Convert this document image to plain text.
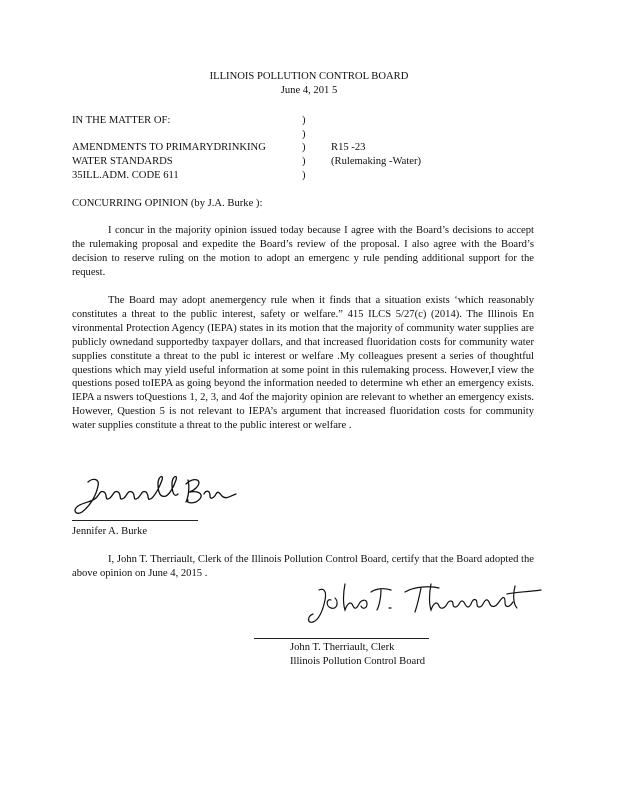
ILLINOIS POLLUTION CONTROL BOARD
June 4, 201 5
IN THE MATTER OF:
AMENDMENTS TO PRIMARYDRINKING
WATER STANDARDS
35ILL.ADM. CODE 611
)
)
)
)
)
R15 -23
(Rulemaking -Water)
CONCURRING OPINION (by J.A. Burke ):

I concur in the majority opinion issued today because I agree with the Board’s decisions to accept the rulemaking proposal and expedite the Board’s review of the proposal. I also agree with the Board’s decision to reserve ruling on the motion to adopt an emergenc y rule pending additional support for the request.

The Board may adopt anemergency rule when it finds that a situation exists ‘which reasonably constitutes a threat to the public interest, safety or welfare.” 415 ILCS 5/27(c) (2014). The Illinois En vironmental Protection Agency (IEPA) states in its motion that the majority of community water supplies are publicly ownedand supportedby taxpayer dollars, and that increased fluoridation costs for community water supplies constitute a threat to the publ ic interest or welfare .My colleagues present a series of thoughtful questions which may yield useful information at some point in this rulemaking process. However,I view the questions posed toIEPA as going beyond the information needed to determine wh ether an emergency exists. IEPA a nswers toQuestions 1, 2, 3, and 4of the majority opinion are relevant to whether an emergency exists. However, Question 5 is not relevant to IEPA’s argument that increased fluoridation costs for community water supplies constitute a threat to the public interest or welfare .

Jennifer A. Burke

I, John T. Therriault, Clerk of the Illinois Pollution Control Board, certify that the Board adopted the above opinion on June 4, 2015 .

John T. Therriault, Clerk
Illinois Pollution Control Board
